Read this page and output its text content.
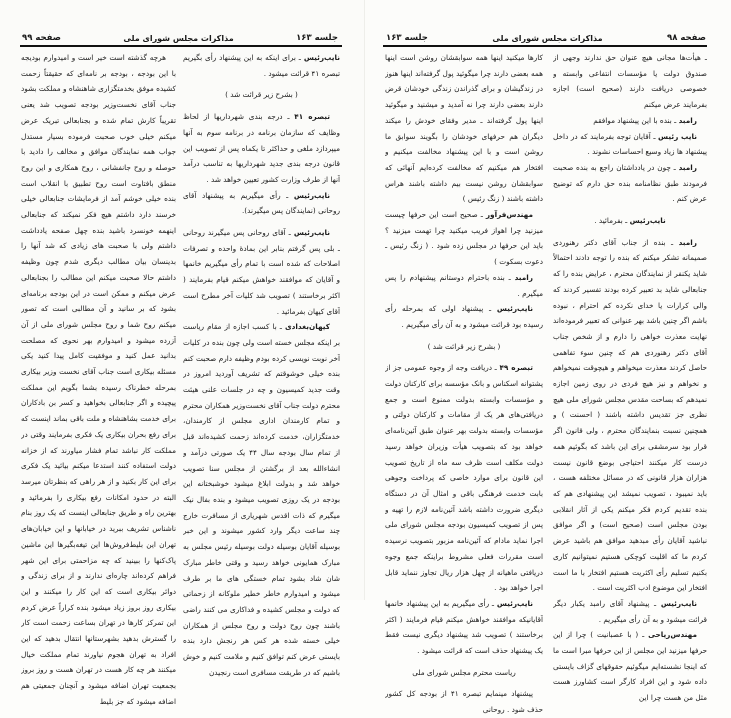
جلسه ۱۶۳
مذاکرات مجلس شورای ملی
صفحه ۹۹

نایب‌رئیس ـ برای اینکه به این پیشنهاد رأی بگیریم تبصره ۴۱ قرائت میشود .

( بشرح زیر قرائت شد )

تبصره ۴۱ ـ درجه بندی شهرداریها از لحاظ وظایف که سازمان برنامه در برنامه سوم به آنها میپردازد ملغی و حداکثر تا یکماه پس از تصویب این قانون درجه بندی جدید شهرداریها به تناسب درآمد آنها از طرف وزارت کشور تعیین خواهد شد .

نایب‌رئیس ـ رأی میگیریم به پیشنهاد آقای روحانی (نمایندگان پس میگیرند).

نایب‌رئیس ـ آقای روحانی پس میگیرند روحانی ـ بلی پس گرفتم بنابر این بمادهٔ واحده و تصرفات اصلاحات که شده است با تمام رأی میگیریم خانمها و آقایان که موافقند خواهش میکنم قیام بفرمایند ( اکثر برخاستند ) تصویب شد کلیات آخر مطرح است آقای کیهان بفرمائید .

کیهان‌بغدادی ـ با کسب اجازه از مقام ریاست بر اینکه مجلس خسته است ولی چون بنده در کلیات آخر نوبت نویسی کرده بودم وظیفه دارم صحبت کنم بنده خیلی خوشوقتم که تشریف آوردید امروز در وقت جدید کمیسیون و چه در جلسات علنی هیئت محترم دولت جناب آقای نخست‌وزیر همکاران محترم و تمام کارمندان اداری مجلس از کارمندان، خدمتگزاران، خدمت کرده‌اند زحمت کشیده‌اند قبل از تمام سال بودجه سال ۴۴ یک صورتی درآمد و انشاءالله بعد از برگشتن از مجلس سنا تصویب خواهد شد و بدولت ابلاغ میشود خوشبختانه این بودجه در یک روزی تصویب میشود و بنده بفال نیک میگیرم که ذات اقدس شهریاری از مسافرت خارج چند ساعت دیگر وارد کشور میشوند و این خبر بوسیله آقایان بوسیله دولت بوسیله رئیس مجلس به مبارک همایونی خواهد رسید و وقتی خاطر مبارک شان شاد بشود تمام خستگی های ما بر طرف میشود و امیدوارم خاطر خطیر ملوکانه از زحماتی که دولت و مجلس کشیده و فداکاری می کنند راضی باشند چون روح دولت و روح مجلس از همکاران خیلی خسته شده هر کس هر رنجش دارد بنده بایستی عرض کنم توافق کنیم و ملامت کنیم و خوش باشیم که در طریقت مسافری است رنجیدن

هرچه گذشته است خیر است و امیدوارم بودیجه با این بودجه ، بودجه بر نامه‌ای که حقیقتاً زحمت کشیده موفق بخدمتگزاری شاهنشاه و مملکت بشود جناب آقای نخست‌وزیر بودجه تصویب شد یعنی تقریباً کارش تمام شده و بجنابعالی تبریک عرض میکنم خیلی خوب صحبت فرموده بسیار مستدل جواب همه نمایندگان موافق و مخالف را دادید با حوصله و روح جانفشانی ، روح همکاری و این روح منطق بافتاوت است روح تطبیق با انقلاب است بنده خیلی خوشم آمد از فرمایشات جنابعالی خیلی خرسند دارد داشتم هیچ فکر نمیکند که جنابعالی اینهمه خونسرد باشید بنده چهل صفحه یادداشت داشتم ولی با صحبت های زیادی که شد آنها را بدینسان بیان مطالب دیگری شدم چون وظیفه داشتم حالا صحبت میکنم این مطالب را بجنابعالی عرض میکنم و ممکن است در این بودجه برنامه‌ای بشود که بر سانید و آن مطالبی است که تصور میکنم روح شما و روح مجلس شورای ملی از آن آزرده میشود و امیدوارم بهر نحوی که مصلحت بدانید عمل کنید و موفقیت کامل پیدا کنید یکی مسئله بیکاری است جناب آقای نخست وزیر بیکاری بمرحله خطرناک رسیده بشما بگویم این مملکت پیچیده و اگر جنابعالی بخواهید و کسر بن بادکاران برای خدمت بشاهنشاه و ملت باقی بماند اینست که برای رفع بحران بیکاری یک فکری بفرمایند وقتی در مملکت کار نباشد تمام فشار میاورند که از خزانه دولت استفاده کنند استدعا میکنم بیائید یک فکری برای این کار بکنید و از هر راهی که بنظرتان میرسد البته در حدود امکانات رفع بیکاری را بفرمائید و بهترین راه و طریق جنابعالی اینست که یک روز بنام ناشناس تشریف ببرید در خیابانها و این خیابان‌های تهران این بلیط‌فروش‌ها این تیغه‌بگیرها این ماشین پاک‌کنها را ببینید که چه مزاحمتی برای این شهر فراهم کرده‌اند چاره‌ای ندارند و از برای زندگی و دوائر بیکاری است که این کار را میکنند و این بیکاری روز بروز زیاد میشود بنده کراراً عرض کردم این تمرکز کارها در تهران بساعت زحمت است کار را گسترش بدهید بشهرستانها انتقال بدهید که این افراد به تهران هجوم نیاورند تمام مملکت خیال میکنند هر چه کار هست در تهران هست و روز بروز بجمعیت تهران اضافه میشود و آنچنان جمعیتی هم اضافه میشود که جز بلیط

صفحه ۹۸
مذاکرات مجلس شورای ملی
جلسه ۱۶۳

ـ هیأت‌ها مجانی هیچ عنوان حق ندارند وجهی از صندوق دولت یا مؤسسات انتفاعی وابسته و خصوصی دریافت دارند (صحیح است) اجازه بفرمایند عرض میکنم

رامبد ـ بنده با این پیشنهاد موافقم

نایب رئیس ـ آقایان توجه بفرمایند که در داخل پیشنهاد ها زیاد وسیع احساسات نشوند .

رامبد ـ چون در یادداشتان راجع به بنده صحبت فرمودند طبق نظامنامه بنده حق دارم که توضیح عرض کنم .

نایب‌رئیس ـ بفرمائید .

رامبد ـ بنده از جناب آقای دکتر رهنوردی صمیمانه تشکر میکنم که بنده را توجه دادند احتمالاً شاید یکنفر از نمایندگان محترم ، عرایض بنده را که جنابعالی شاید بد تعبیر کرده بودند تفسیر کردند که والی کرارات یا خدای نکرده کم احترام ، نبوده باشم اگر چنین باشد بهر عنوانی که تعبیر فرموده‌اند نهایت معذرت خواهی را دارم و از شخص جناب آقای دکتر رهنوردی هم که چنین سوء تفاهمی حاصل کردند معذرت میخواهم و هیچوقت نمیخواهم و نخواهم و نیز هیچ فردی در روی زمین اجازه نمیدهم که بساحت مقدس مجلس شورای ملی هیچ نظری جز تقدیس داشته باشند ( احسنت ) و همچنین نسبت بنمایندگان محترم ، ولی قانون اگر قرار بود سرمشقی برای این باشد که بگوئیم همه درست کار میکنند احتیاجی بوضع قانون نیست هزاران هزار قانونی که در مسائل مختلفه هست ، باید نمیبود ، تصویب نمیشد این پیشنهادی هم که بنده تقدیم کردم فکر میکنم یکی از آثار انقلابی بودن مجلس است (صحیح است) و اگر موافق نباشید آقایان رأی مبدهید موافق هم باشید عرض کردم ما که اقلیت کوچکی هستیم نمیتوانیم کاری بکنیم تسلیم رأی اکثریت هستیم افتخار با ما است افتخار این موضوع ادب اکثریت است .

نایب‌رئیس ـ پیشنهاد آقای رامبد یکبار دیگر قرائت میشود و به آن رأی میگیریم .

مهندس‌ریاحی ـ ( با عصبانیت ) چرا از این حرفها میزنید این مجلس از این حرفها مبرا است ما که اینجا نشسته‌ایم میگوئیم حقوقهای گزاف بایستی داده شود و این افراد کارگر است کشاورز هست مثل من هست چرا این

کارها میکنید اینها همه سوابقشان روشن است اینها همه بعضی دارند چرا میگوئید پول گرفته‌اند اینها هنوز در زندگیشان و برای گذراندن زندگی خودشان قرض دارند بعضی دارند چرا نه آمدید و میشنید و میگوئید اینها پول گرفته‌اند ـ مدیر وفقای خودش را میکند دیگران هم حرفهای خودشان را بگویند سوابق ما روشن است و با این پیشنهاد مخالفت میکنیم و افتخار هم میکنیم که مخالفت کرده‌ایم آنهائی که سوابقشان روشن نیست بیم داشته باشند هراس داشته باشند ( زنگ رئیس )

مهندس‌فرآور ـ صحیح است این حرفها چیست میزنید چرا اهواز فریب میکنید چرا تهمت میزنید ؟ باید این حرفها در مجلس زده شود . ( زنگ رئیس ـ دعوت بسکوت )

رامبد ـ بنده باحترام دوستانم پیشنهادم را پس میگیرم .

نایب‌رئیس ـ پیشنهاد اولی که بمرحله رأی رسیده بود قرائت میشود و به آن رأی میگیریم .

( بشرح زیر قرائت شد )

تبصره ۴۹ ـ دریافت وجه از وجوه عمومی جز از پشتوانه اسکناس و بانک مؤسسه برای کارکنان دولت و مؤسسات وابسته بدولت ممنوع است و جمع دریافتی‌های هر یک از مقامات و کارکنان دولتی و مؤسسات وابسته بدولت بهر عنوان طبق آئین‌نامه‌ای خواهد بود که بتصویب هیأت وزیران خواهد رسید دولت مکلف است ظرف سه ماه از تاریخ تصویب این قانون برای موارد خاصی که پرداخت وجوهی بابت خدمت فرهنگی باقی و امثال آن در دستگاه دیگری ضرورت داشته باشد آئین‌نامه لازم را تهیه و پس از تصویب کمیسیون بودجه مجلس شورای ملی اجرا نماید مادام که آئین‌نامه مزبور بتصویب نرسیده است مقررات فعلی مشروط براینکه جمع وجوه دریافتی ماهیانه از چهل هزار ریال تجاوز ننماید قابل اجرا خواهد بود .

نایب‌رئیس ـ رأی میگیریم به این پیشنهاد خانمها آقایانیکه موافقند خواهش میکنم قیام فرمایند ( اکثر برخاستند ) تصویب شد پیشنهاد دیگری نیست فقط یک پیشنهاد حذف است که قرائت میشود .

ریاست محترم مجلس شورای ملی

پیشنهاد مینمایم تبصره ۴۱ از بودجه کل کشور حذف شود . روحانی
